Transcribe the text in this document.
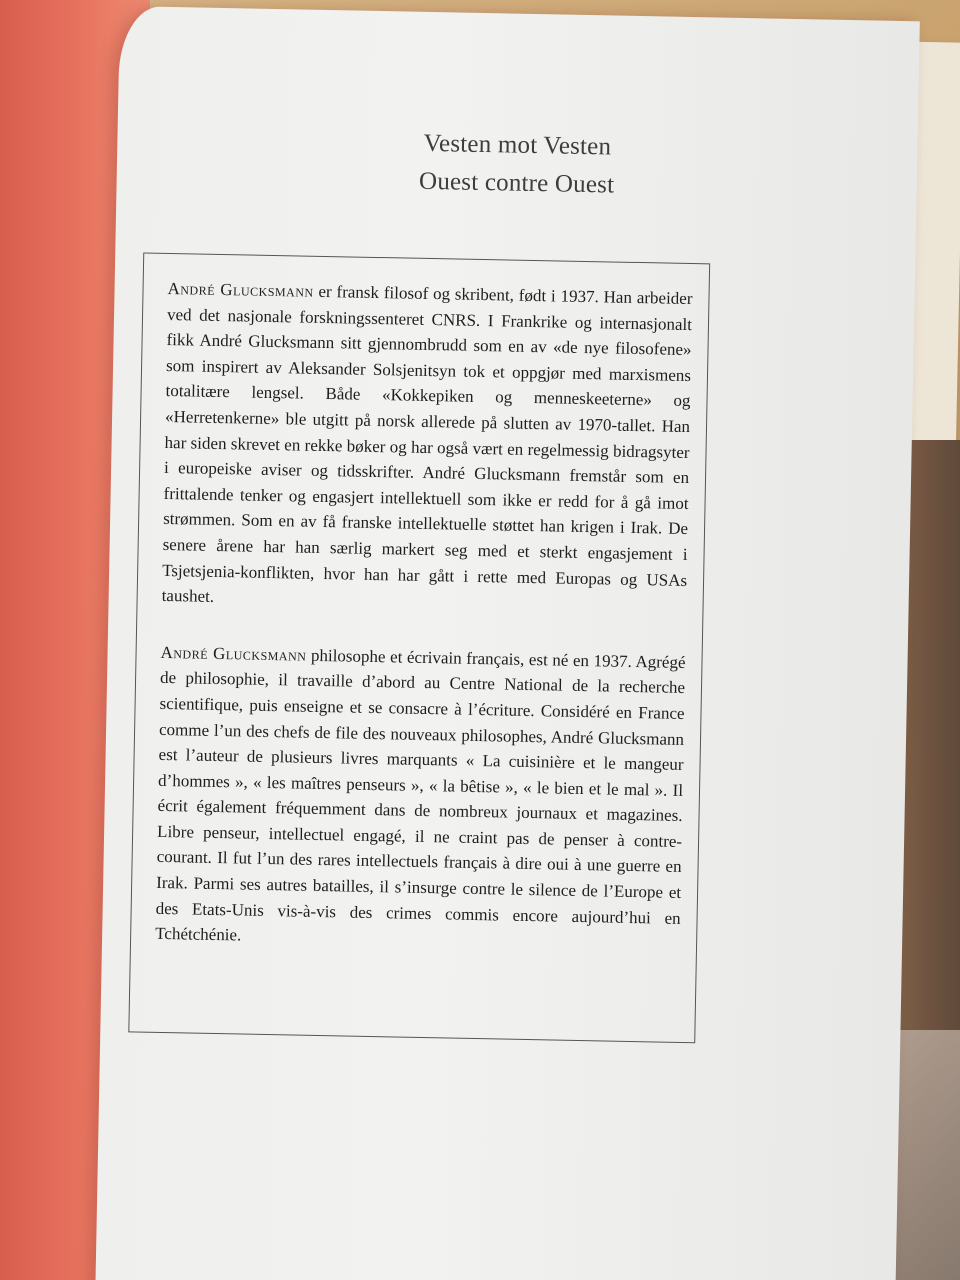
Vesten mot Vesten
Ouest contre Ouest

André Glucksmann er fransk filosof og skribent, født i 1937. Han arbeider ved det nasjonale forskningssenteret CNRS. I Frankrike og internasjonalt fikk André Glucksmann sitt gjennombrudd som en av «de nye filosofene» som inspirert av Aleksander Solsjenitsyn tok et oppgjør med marxismens totalitære lengsel. Både «Kokkepiken og menneskeeterne» og «Herretenkerne» ble utgitt på norsk allerede på slutten av 1970-tallet. Han har siden skrevet en rekke bøker og har også vært en regelmessig bidragsyter i europeiske aviser og tidsskrifter. André Glucksmann fremstår som en frittalende tenker og engasjert intellektuell som ikke er redd for å gå imot strømmen. Som en av få franske intellektuelle støttet han krigen i Irak. De senere årene har han særlig markert seg med et sterkt engasjement i Tsjetsjenia-konflikten, hvor han har gått i rette med Europas og USAs taushet.

André Glucksmann philosophe et écrivain français, est né en 1937. Agrégé de philosophie, il travaille d’abord au Centre National de la recherche scientifique, puis enseigne et se consacre à l’écriture. Considéré en France comme l’un des chefs de file des nouveaux philosophes, André Glucksmann est l’auteur de plusieurs livres marquants « La cuisinière et le mangeur d’hommes », « les maîtres penseurs », « la bêtise », « le bien et le mal ». Il écrit également fréquemment dans de nombreux journaux et magazines. Libre penseur, intellectuel engagé, il ne craint pas de penser à contre-courant. Il fut l’un des rares intellectuels français à dire oui à une guerre en Irak. Parmi ses autres batailles, il s’insurge contre le silence de l’Europe et des Etats-Unis vis-à-vis des crimes commis encore aujourd’hui en Tchétchénie.
